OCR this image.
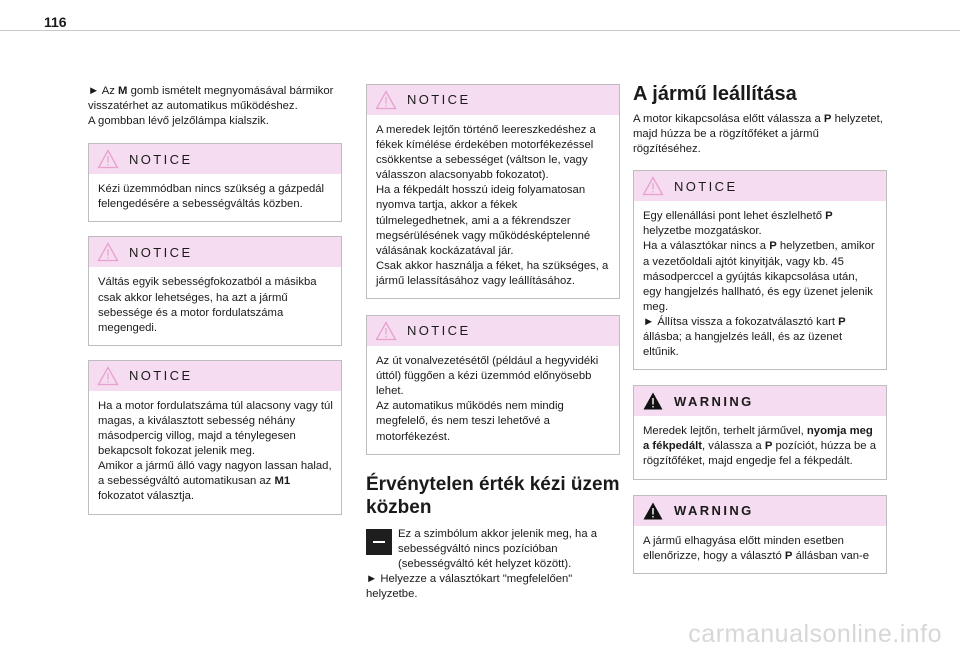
116

► Az M gomb ismételt megnyomásával bármikor visszatérhet az automatikus működéshez.
A gombban lévő jelzőlámpa kialszik.

NOTICE
Kézi üzemmódban nincs szükség a gázpedál felengedésére a sebességváltás közben.
NOTICE
Váltás egyik sebességfokozatból a másikba csak akkor lehetséges, ha azt a jármű sebessége és a motor fordulatszáma megengedi.
NOTICE
Ha a motor fordulatszáma túl alacsony vagy túl magas, a kiválasztott sebesség néhány másodpercig villog, majd a ténylegesen bekapcsolt fokozat jelenik meg.
Amikor a jármű álló vagy nagyon lassan halad, a sebességváltó automatikusan az M1 fokozatot választja.
NOTICE
A meredek lejtőn történő leereszkedéshez a fékek kímélése érdekében motorfékezéssel csökkentse a sebességet (váltson le, vagy válasszon alacsonyabb fokozatot).
Ha a fékpedált hosszú ideig folyamatosan nyomva tartja, akkor a fékek túlmelegedhetnek, ami a a fékrendszer megsérülésének vagy működésképtelenné válásának kockázatával jár.
Csak akkor használja a féket, ha szükséges, a jármű lelassításához vagy leállításához.
NOTICE
Az út vonalvezetésétől (például a hegyvidéki úttól) függően a kézi üzemmód előnyösebb lehet.
Az automatikus működés nem mindig megfelelő, és nem teszi lehetővé a motorfékezést.
Érvénytelen érték kézi üzem
közben

Ez a szimbólum akkor jelenik meg, ha a sebességváltó nincs pozícióban (sebességváltó két helyzet között).

► Helyezze a választókart "megfelelően" helyzetbe.

A jármű leállítása

A motor kikapcsolása előtt válassza a P helyzetet, majd húzza be a rögzítőféket a jármű rögzítéséhez.

NOTICE
Egy ellenállási pont lehet észlelhető P helyzetbe mozgatáskor.
Ha a választókar nincs a P helyzetben, amikor a vezetőoldali ajtót kinyitják, vagy kb. 45 másodperccel a gyújtás kikapcsolása után, egy hangjelzés hallható, és egy üzenet jelenik meg.
► Állítsa vissza a fokozatválasztó kart P állásba; a hangjelzés leáll, és az üzenet eltűnik.
WARNING
Meredek lejtőn, terhelt járművel, nyomja meg a fékpedált, válassza a P pozíciót, húzza be a rögzítőféket, majd engedje fel a fékpedált.
WARNING
A jármű elhagyása előtt minden esetben ellenőrizze, hogy a választó P állásban van-e
carmanualsonline.info
